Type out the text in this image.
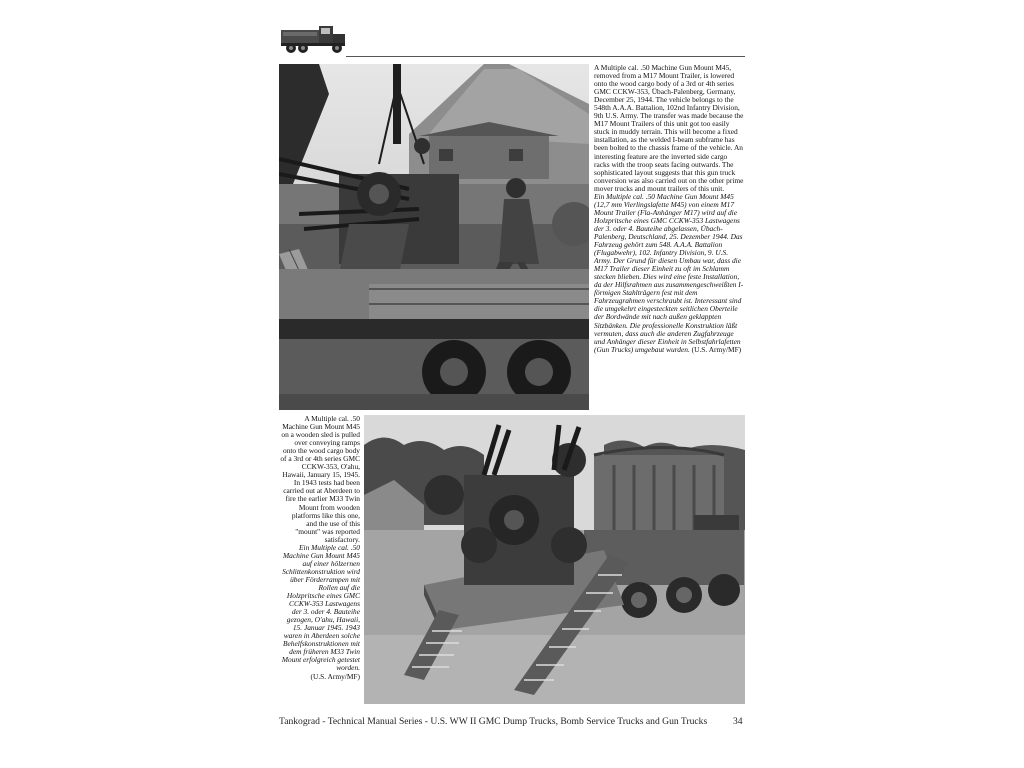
A Multiple cal. .50 Machine Gun Mount M45, removed from a M17 Mount Trailer, is lowered onto the wood cargo body of a 3rd or 4th series GMC CCKW-353, Übach-Palenberg, Germany, December 25, 1944. The vehicle belongs to the 548th A.A.A. Battalion, 102nd Infantry Division, 9th U.S. Army. The transfer was made because the M17 Mount Trailers of this unit got too easily stuck in muddy terrain. This will become a fixed installation, as the welded I-beam subframe has been bolted to the chassis frame of the vehicle. An interesting feature are the inverted side cargo racks with the troop seats facing outwards. The sophisticated layout suggests that this gun truck conversion was also carried out on the other prime mover trucks and mount trailers of this unit.

Ein Multiple cal. .50 Machine Gun Mount M45 (12,7 mm Vierlingslafette M45) von einem M17 Mount Trailer (Fla-Anhänger M17) wird auf die Holzpritsche eines GMC CCKW-353 Lastwagens der 3. oder 4. Bauteihe abgelassen, Übach-Palenberg, Deutschland, 25. Dezember 1944. Das Fahrzeug gehört zum 548. A.A.A. Battalion (Flugabwehr), 102. Infantry Division, 9. U.S. Army. Der Grund für diesen Umbau war, dass die M17 Trailer dieser Einheit zu oft im Schlamm stecken blieben. Dies wird eine feste Installation, da der Hilfsrahmen aus zusammengeschweißten I-förmigen Stahlträgern fest mit dem Fahrzeugrahmen verschraubt ist. Interessant sind die umgekehrt eingesteckten seitlichen Oberteile der Bordwände mit nach außen geklappten Sitzbänken. Die professionelle Konstruktion läßt vermuten, dass auch die anderen Zugfahrzeuge und Anhänger dieser Einheit in Selbstfahrlafetten (Gun Trucks) umgebaut wurden. (U.S. Army/MF)

A Multiple cal. .50 Machine Gun Mount M45 on a wooden sled is pulled over conveying ramps onto the wood cargo body of a 3rd or 4th series GMC CCKW-353, O'ahu, Hawaii, January 15, 1945. In 1943 tests had been carried out at Aberdeen to fire the earlier M33 Twin Mount from wooden platforms like this one, and the use of this "mount" was reported satisfactory.

Ein Multiple cal. .50 Machine Gun Mount M45 auf einer hölzernen Schlittenkonstruktion wird über Förderrampen mit Rollen auf die Holzpritsche eines GMC CCKW-353 Lastwagens der 3. oder 4. Bauteihe gezogen, O'ahu, Hawaii, 15. Januar 1945. 1943 waren in Aberdeen solche Behelfskonstruktionen mit dem früheren M33 Twin Mount erfolgreich getestet worden.

(U.S. Army/MF)

Tankograd - Technical Manual Series - U.S. WW II GMC Dump Trucks, Bomb Service Trucks and Gun Trucks	34
